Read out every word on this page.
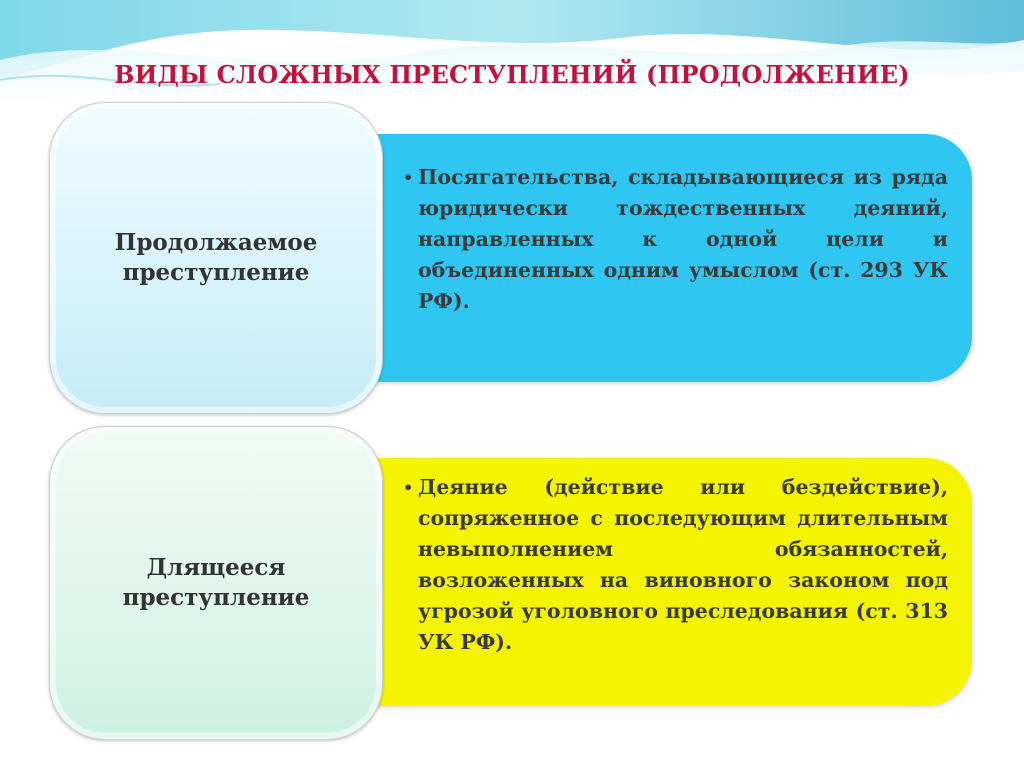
ВИДЫ СЛОЖНЫХ ПРЕСТУПЛЕНИЙ (ПРОДОЛЖЕНИЕ)
Продолжаемое преступление
• Посягательства, складывающиеся из ряда юридически тождественных деяний, направленных к одной цели и объединенных одним умыслом (ст. 293 УК РФ).
Длящееся преступление
• Деяние (действие или бездействие), сопряженное с последующим длительным невыполнением обязанностей, возложенных на виновного законом под угрозой уголовного преследования (ст. 313 УК РФ).
